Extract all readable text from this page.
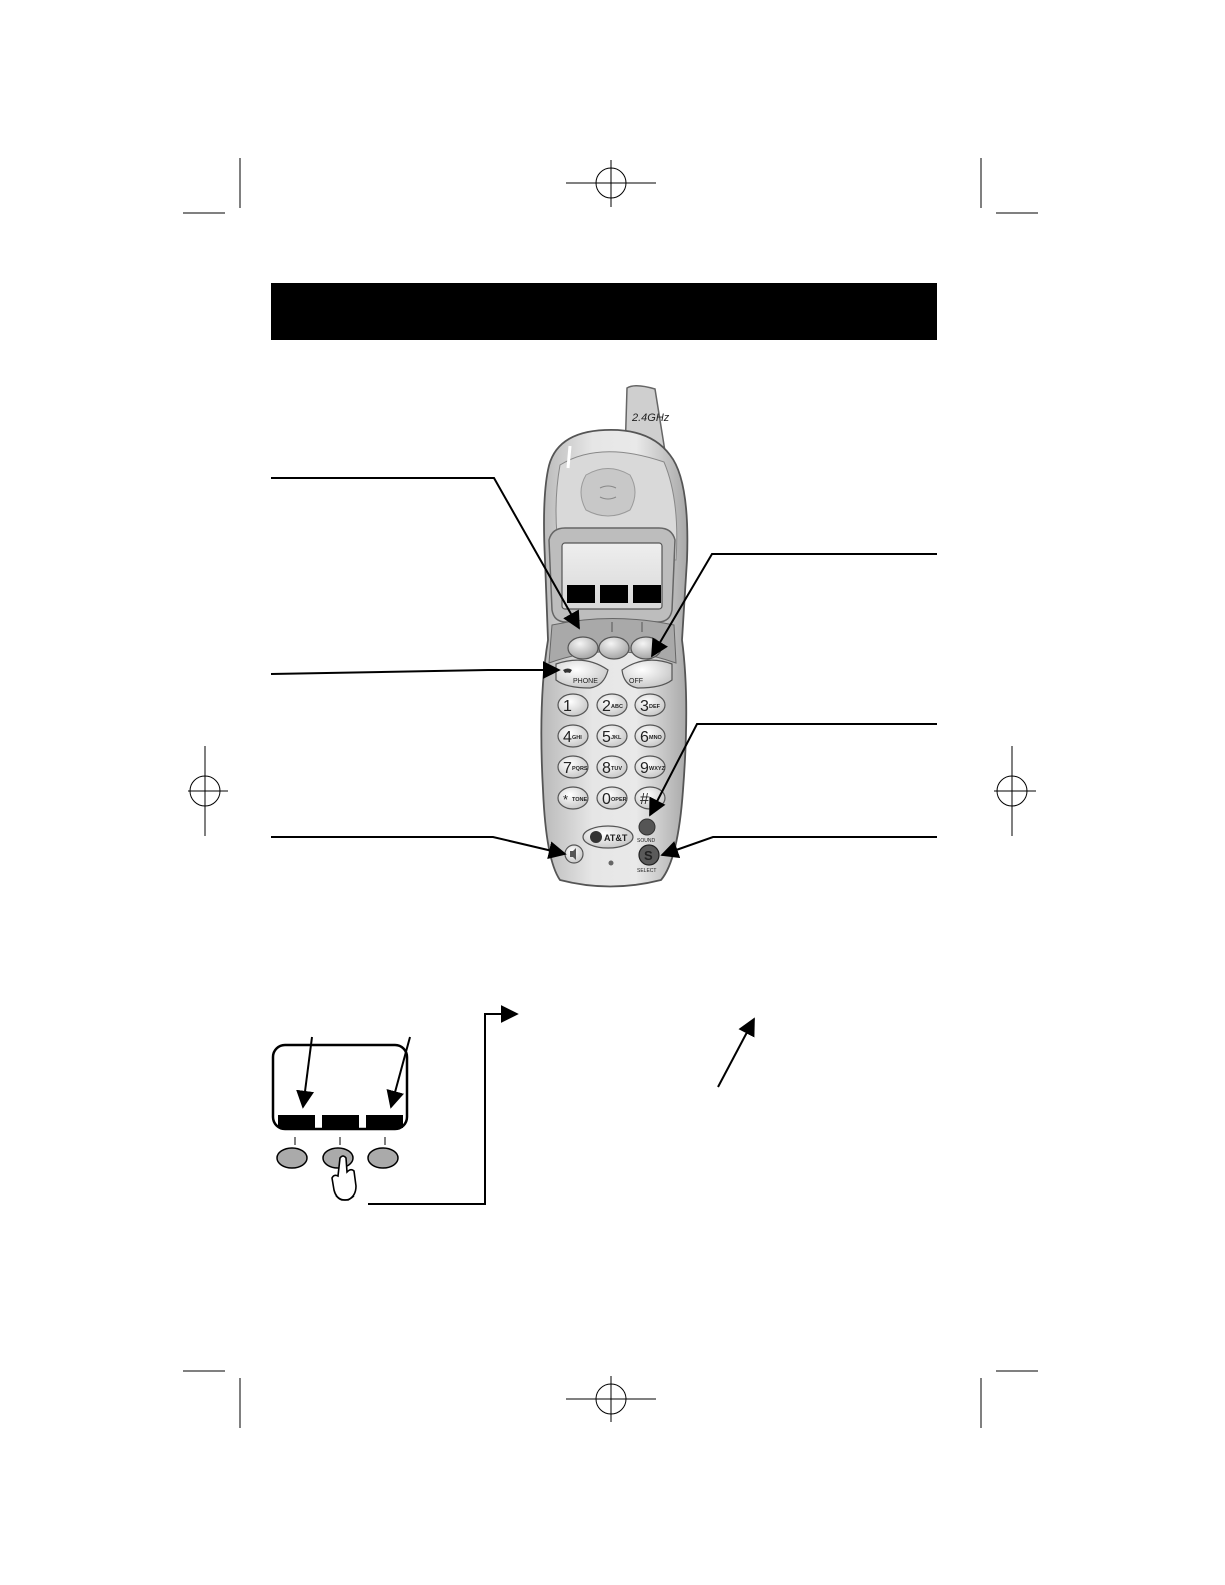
2.4GHz
PHONE	OFF
1 2 ABC 3 DEF
4 GHI 5 JKL 6 MNO
7 PQRS 8 TUV 9 WXYZ
* TONE 0 OPER #
AT&T
S
SOUND
SELECT
